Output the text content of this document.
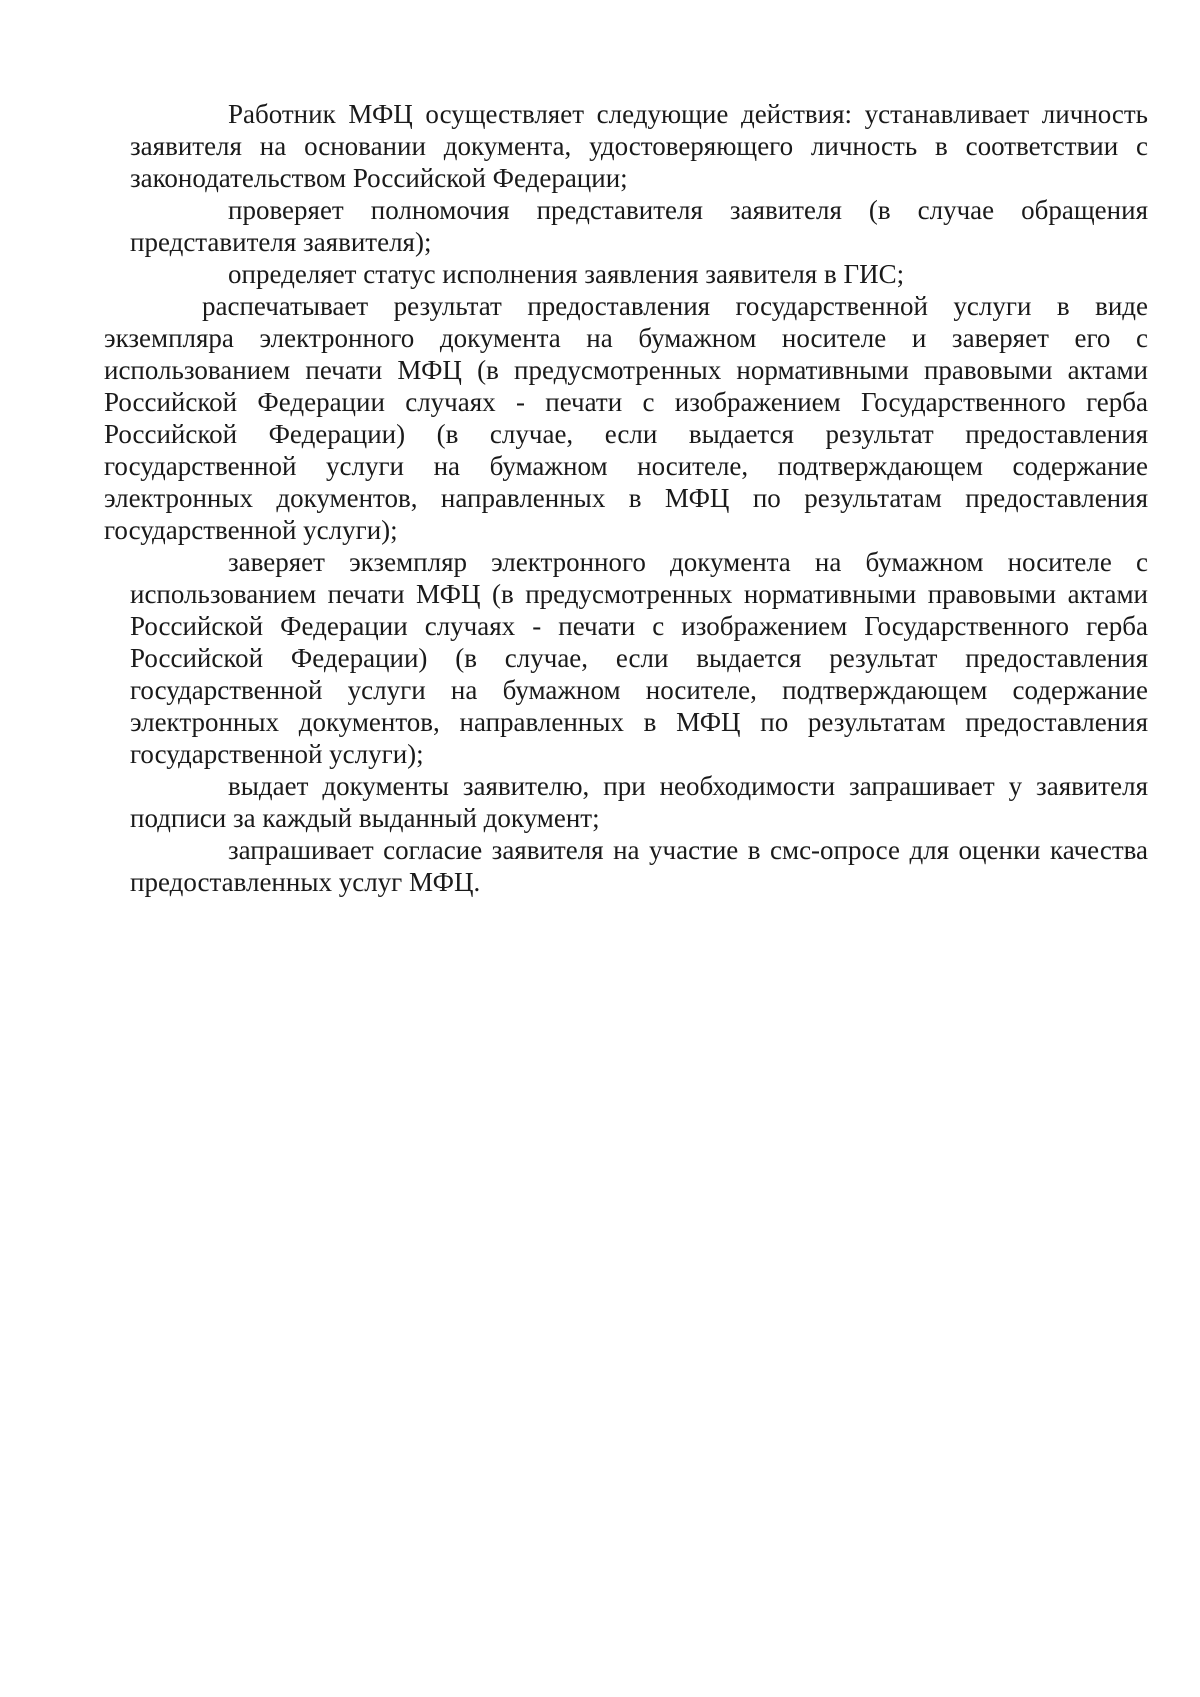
Работник МФЦ осуществляет следующие действия: устанавливает личность заявителя на основании документа, удостоверяющего личность в соответствии с законодательством Российской Федерации;

проверяет полномочия представителя заявителя (в случае обращения представителя заявителя);

определяет статус исполнения заявления заявителя в ГИС;

распечатывает результат предоставления государственной услуги в виде экземпляра электронного документа на бумажном носителе и заверяет его с использованием печати МФЦ (в предусмотренных нормативными правовыми актами Российской Федерации случаях - печати с изображением Государственного герба Российской Федерации) (в случае, если выдается результат предоставления государственной услуги на бумажном носителе, подтверждающем содержание электронных документов, направленных в МФЦ по результатам предоставления государственной услуги);

заверяет экземпляр электронного документа на бумажном носителе с использованием печати МФЦ (в предусмотренных нормативными правовыми актами Российской Федерации случаях - печати с изображением Государственного герба Российской Федерации) (в случае, если выдается результат предоставления государственной услуги на бумажном носителе, подтверждающем содержание электронных документов, направленных в МФЦ по результатам предоставления государственной услуги);

выдает документы заявителю, при необходимости запрашивает у заявителя подписи за каждый выданный документ;

запрашивает согласие заявителя на участие в смс-опросе для оценки качества предоставленных услуг МФЦ.
